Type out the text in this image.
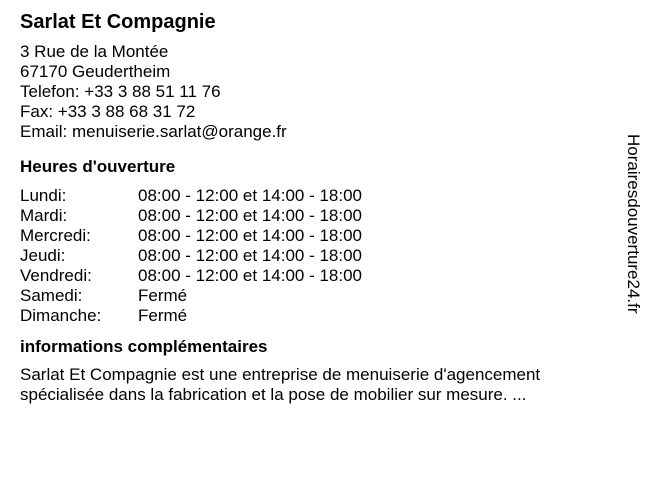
Sarlat Et Compagnie
3 Rue de la Montée
67170 Geudertheim
Telefon: +33 3 88 51 11 76
Fax: +33 3 88 68 31 72
Email: menuiserie.sarlat@orange.fr
Heures d'ouverture
Lundi:	08:00 - 12:00 et 14:00 - 18:00
Mardi:	08:00 - 12:00 et 14:00 - 18:00
Mercredi:	08:00 - 12:00 et 14:00 - 18:00
Jeudi:	08:00 - 12:00 et 14:00 - 18:00
Vendredi:	08:00 - 12:00 et 14:00 - 18:00
Samedi:	Fermé
Dimanche:	Fermé
informations complémentaires
Sarlat Et Compagnie est une entreprise de menuiserie d'agencement spécialisée dans la fabrication et la pose de mobilier sur mesure. ...
Horairesdouverture24.fr
